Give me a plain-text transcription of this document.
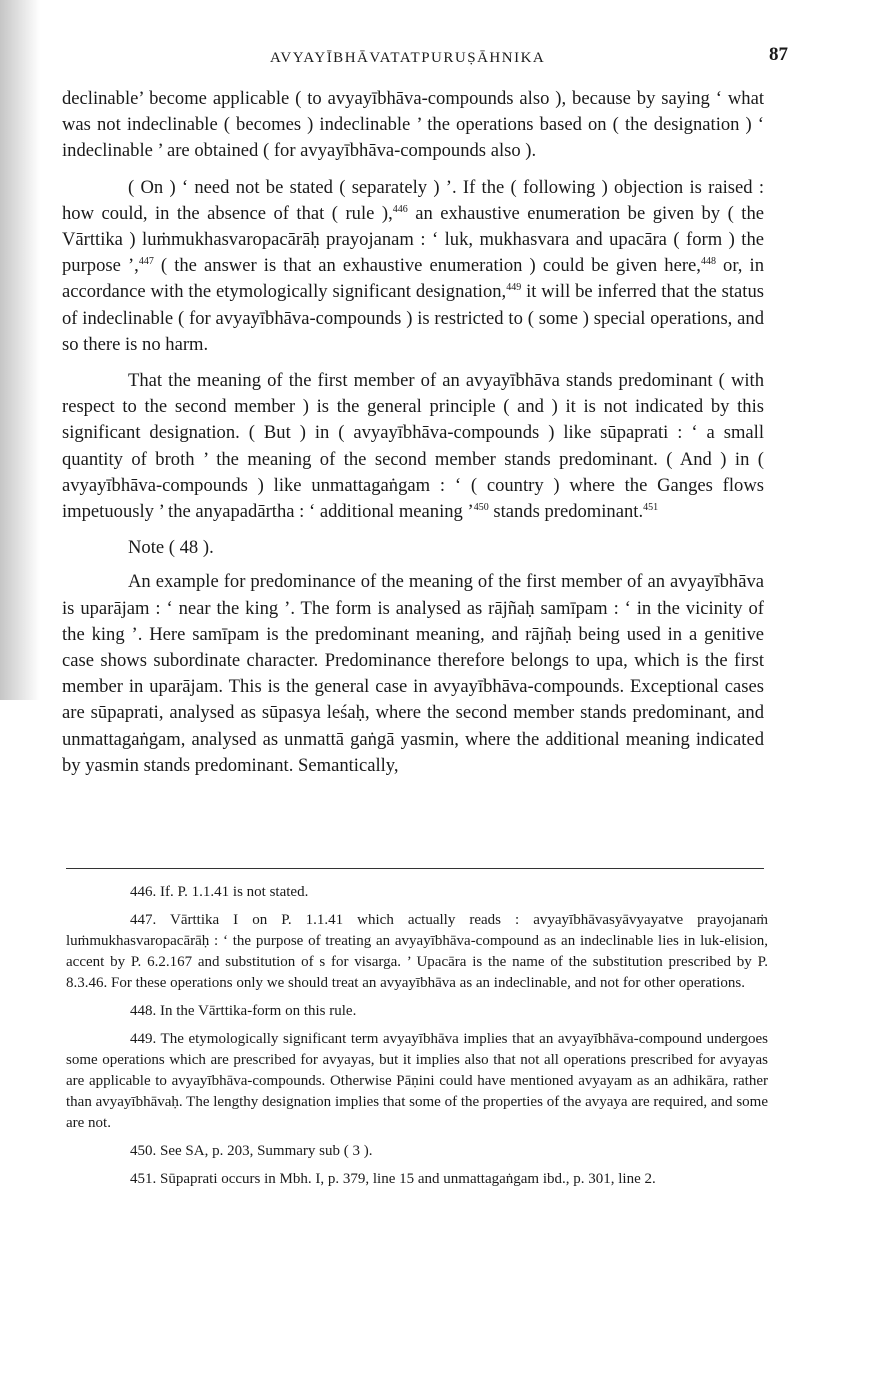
AVYAYĪBHĀVATATPURUṢĀHNIKA	87

declinable’ become applicable ( to avyayībhāva-compounds also ), because by saying ‘ what was not indeclinable ( becomes ) indeclinable ’ the operations based on ( the designation ) ‘ indeclinable ’ are obtained ( for avyayībhāva-compounds also ).

( On ) ‘ need not be stated ( separately ) ’. If the ( following ) objection is raised : how could, in the absence of that ( rule ),$^{446}$ an exhaustive enumeration be given by ( the Vārttika ) luṁmukhasvaropacārāḥ prayojanam : ‘ luk, mukhasvara and upacāra ( form ) the purpose ’,$^{447}$ ( the answer is that an exhaustive enumeration ) could be given here,$^{448}$ or, in accordance with the etymologically significant designation,$^{449}$ it will be inferred that the status of indeclinable ( for avyayībhāva-compounds ) is restricted to ( some ) special operations, and so there is no harm.

That the meaning of the first member of an avyayībhāva stands predominant ( with respect to the second member ) is the general principle ( and ) it is not indicated by this significant designation. ( But ) in ( avyayībhāva-compounds ) like sūpaprati : ‘ a small quantity of broth ’ the meaning of the second member stands predominant. ( And ) in ( avyayībhāva-compounds ) like unmattagaṅgam : ‘ ( country ) where the Ganges flows impetuously ’ the anyapadārtha : ‘ additional meaning ’$^{450}$ stands predominant.$^{451}$

Note ( 48 ).

An example for predominance of the meaning of the first member of an avyayībhāva is uparājam : ‘ near the king ’. The form is analysed as rājñaḥ samīpam : ‘ in the vicinity of the king ’. Here samīpam is the predominant meaning, and rājñaḥ being used in a genitive case shows subordinate character. Predominance therefore belongs to upa, which is the first member in uparājam. This is the general case in avyayībhāva-compounds. Exceptional cases are sūpaprati, analysed as sūpasya leśaḥ, where the second member stands predominant, and unmattagaṅgam, analysed as unmattā gaṅgā yasmin, where the additional meaning indicated by yasmin stands predominant. Semantically,

446. If. P. 1.1.41 is not stated.

447. Vārttika I on P. 1.1.41 which actually reads : avyayībhāvasyāvyayatve prayojanaṁ luṁmukhasvaropacārāḥ : ‘ the purpose of treating an avyayībhāva-compound as an indeclinable lies in luk-elision, accent by P. 6.2.167 and substitution of s for visarga. ’ Upacāra is the name of the substitution prescribed by P. 8.3.46. For these operations only we should treat an avyayībhāva as an indeclinable, and not for other operations.

448. In the Vārttika-form on this rule.

449. The etymologically significant term avyayībhāva implies that an avyayībhāva-compound undergoes some operations which are prescribed for avyayas, but it implies also that not all operations prescribed for avyayas are applicable to avyayībhāva-compounds. Otherwise Pāṇini could have mentioned avyayam as an adhikāra, rather than avyayībhāvaḥ. The lengthy designation implies that some of the properties of the avyaya are required, and some are not.

450. See SA, p. 203, Summary sub ( 3 ).

451. Sūpaprati occurs in Mbh. I, p. 379, line 15 and unmattagaṅgam ibd., p. 301, line 2.
